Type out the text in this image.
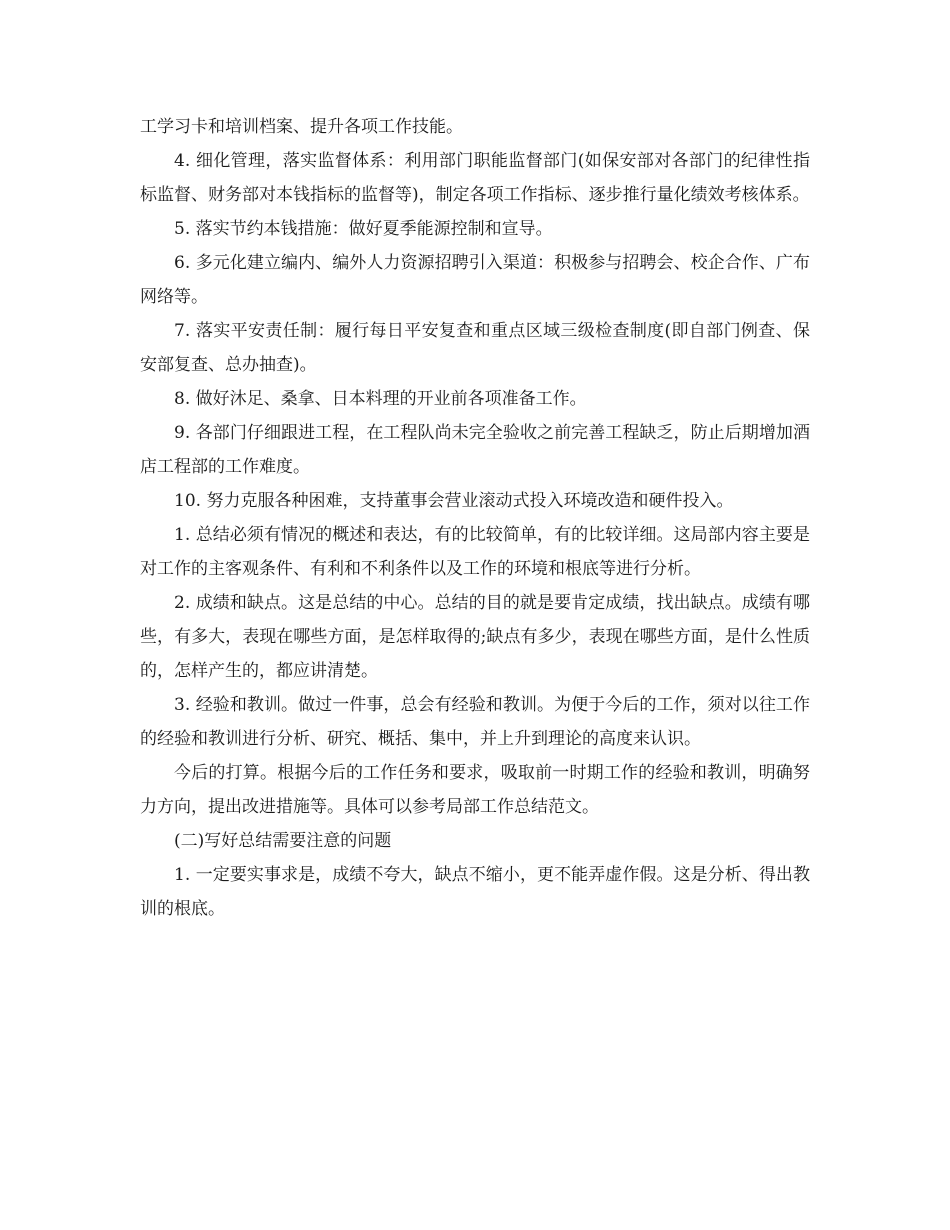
工学习卡和培训档案、提升各项工作技能。

4. 细化管理，落实监督体系：利用部门职能监督部门(如保安部对各部门的纪律性指标监督、财务部对本钱指标的监督等)，制定各项工作指标、逐步推行量化绩效考核体系。

5. 落实节约本钱措施：做好夏季能源控制和宣导。

6. 多元化建立编内、编外人力资源招聘引入渠道：积极参与招聘会、校企合作、广布网络等。

7. 落实平安责任制：履行每日平安复查和重点区域三级检查制度(即自部门例查、保安部复查、总办抽查)。

8. 做好沐足、桑拿、日本料理的开业前各项准备工作。

9. 各部门仔细跟进工程，在工程队尚未完全验收之前完善工程缺乏，防止后期增加酒店工程部的工作难度。

10. 努力克服各种困难，支持董事会营业滚动式投入环境改造和硬件投入。

1. 总结必须有情况的概述和表达，有的比较简单，有的比较详细。这局部内容主要是对工作的主客观条件、有利和不利条件以及工作的环境和根底等进行分析。

2. 成绩和缺点。这是总结的中心。总结的目的就是要肯定成绩，找出缺点。成绩有哪些，有多大，表现在哪些方面，是怎样取得的;缺点有多少，表现在哪些方面，是什么性质的，怎样产生的，都应讲清楚。

3. 经验和教训。做过一件事，总会有经验和教训。为便于今后的工作，须对以往工作的经验和教训进行分析、研究、概括、集中，并上升到理论的高度来认识。

今后的打算。根据今后的工作任务和要求，吸取前一时期工作的经验和教训，明确努力方向，提出改进措施等。具体可以参考局部工作总结范文。

(二)写好总结需要注意的问题

1. 一定要实事求是，成绩不夸大，缺点不缩小，更不能弄虚作假。这是分析、得出教训的根底。
